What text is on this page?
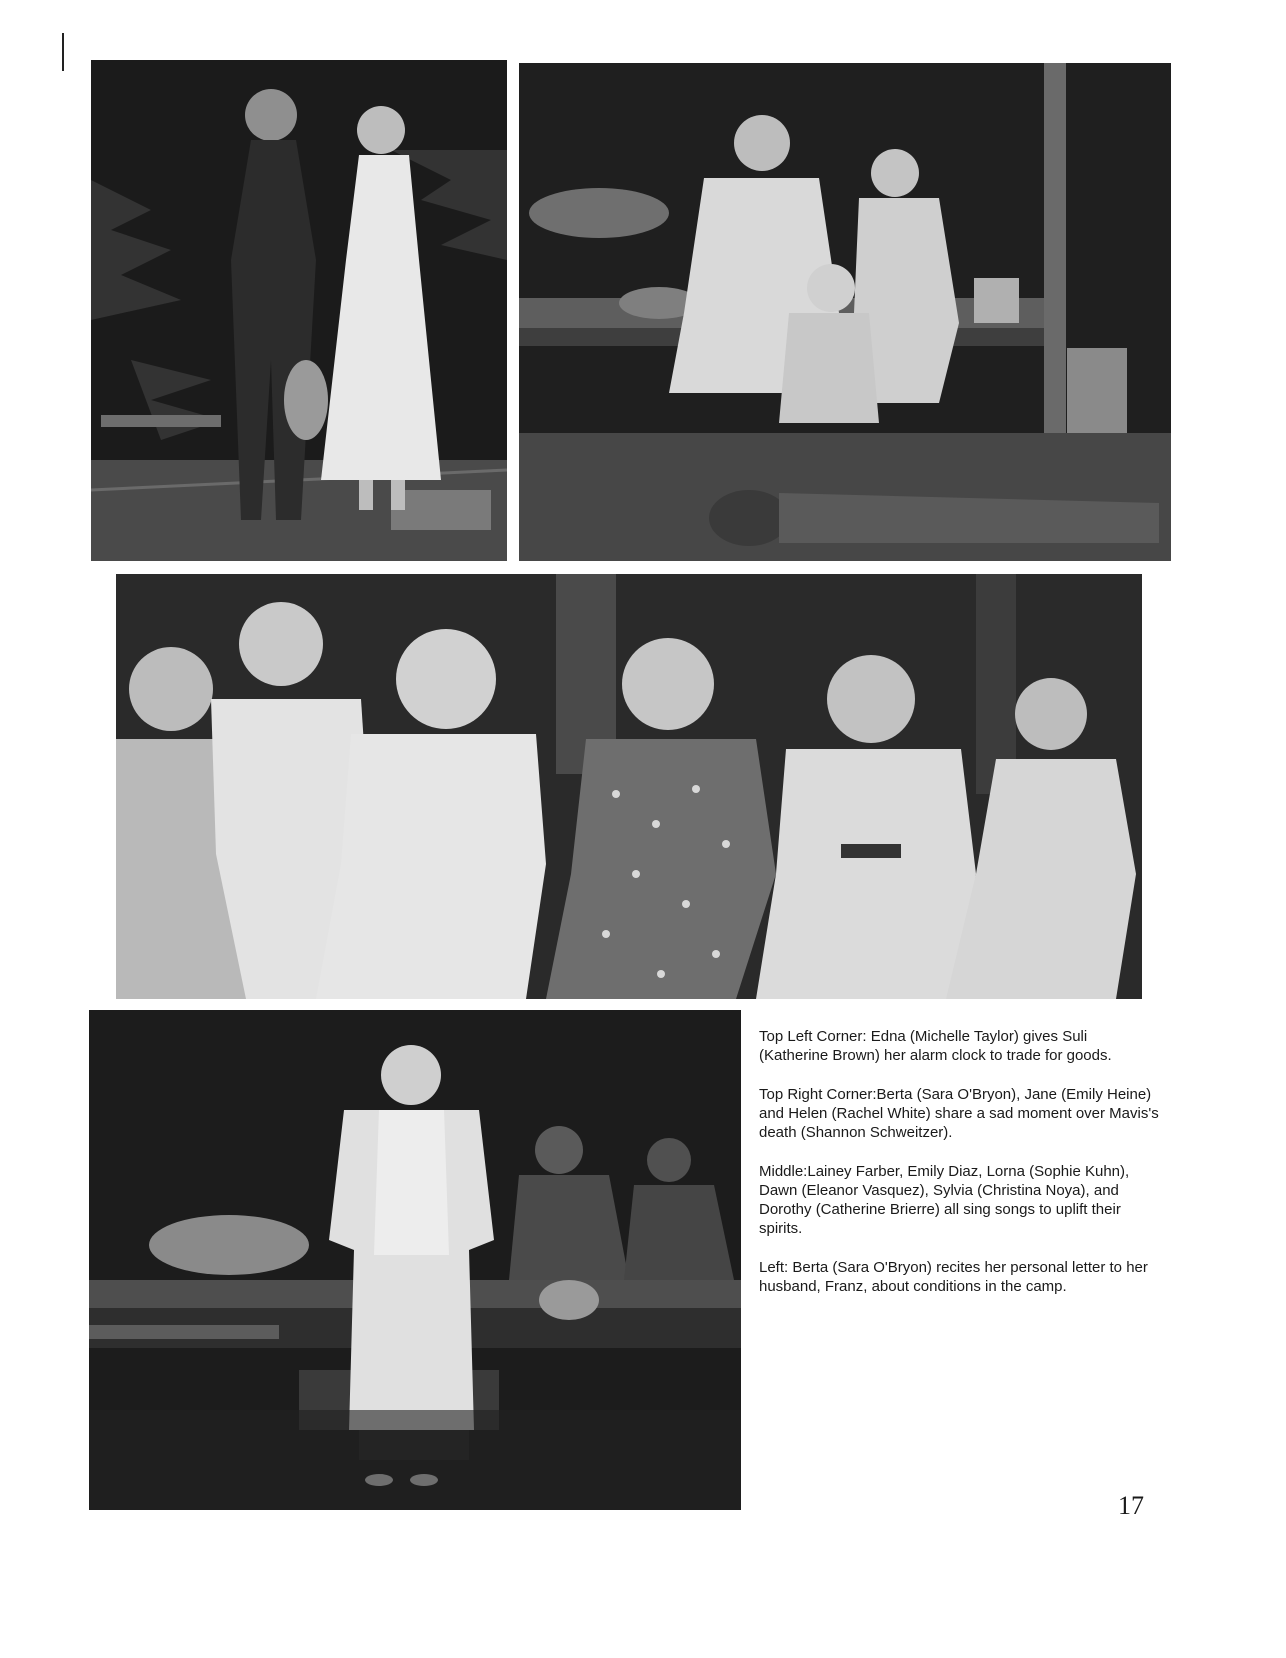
Top Left Corner: Edna (Michelle Taylor) gives Suli (Katherine Brown) her alarm clock to trade for goods.

Top Right Corner:Berta (Sara O'Bryon), Jane (Emily Heine) and Helen (Rachel White) share a sad moment over Mavis's death (Shannon Schweitzer).

Middle:Lainey Farber, Emily Diaz, Lorna (Sophie Kuhn), Dawn (Eleanor Vasquez), Sylvia (Christina Noya), and Dorothy (Catherine Brierre) all sing songs to uplift their spirits.

Left: Berta (Sara O'Bryon) recites her personal letter to her husband, Franz, about conditions in the camp.

17
